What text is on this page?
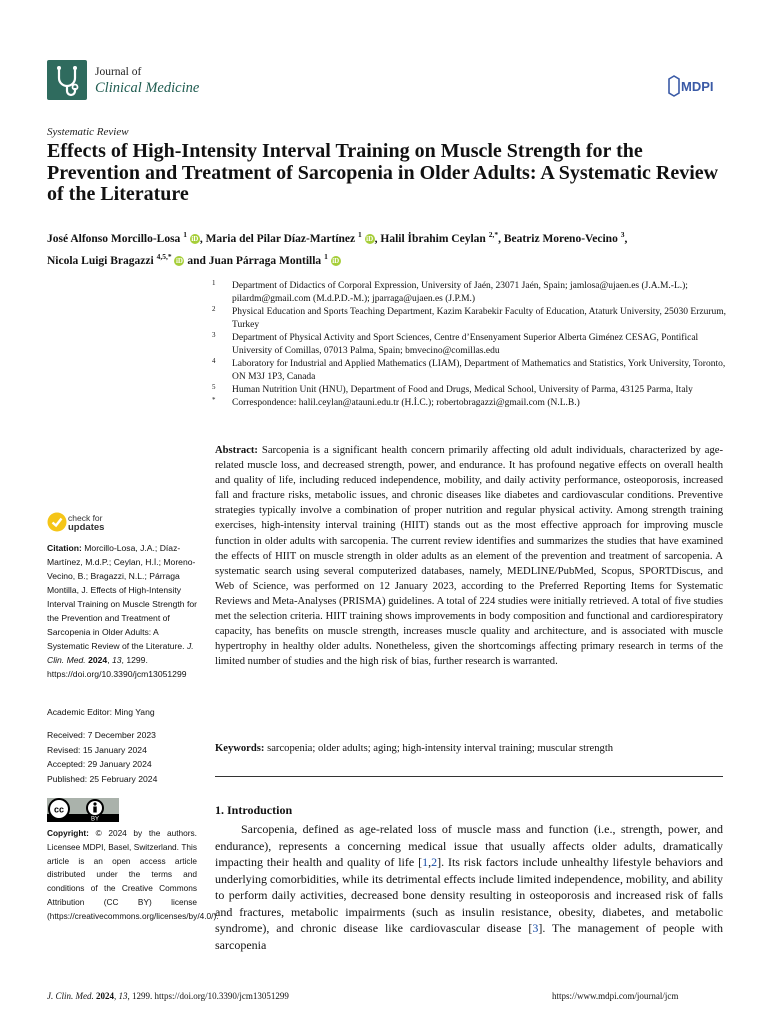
Journal of
Clinical Medicine	MDPI
Systematic Review
Effects of High-Intensity Interval Training on Muscle Strength for the Prevention and Treatment of Sarcopenia in Older Adults: A Systematic Review of the Literature
José Alfonso Morcillo-Losa $^1$ iD , Maria del Pilar Díaz-Martínez $^1$ iD , Halil İbrahim Ceylan $^{2,*}$, Beatriz Moreno-Vecino $^3$,
Nicola Luigi Bragazzi $^{4,5,*}$ iD and Juan Párraga Montilla $^1$ iD
1 Department of Didactics of Corporal Expression, University of Jaén, 23071 Jaén, Spain; jamlosa@ujaen.es (J.A.M.-L.); pilardm@gmail.com (M.d.P.D.-M.); jparraga@ujaen.es (J.P.M.)
2 Physical Education and Sports Teaching Department, Kazim Karabekir Faculty of Education, Ataturk University, 25030 Erzurum, Turkey
3 Department of Physical Activity and Sport Sciences, Centre d’Ensenyament Superior Alberta Giménez CESAG, Pontifical University of Comillas, 07013 Palma, Spain; bmvecino@comillas.edu
4 Laboratory for Industrial and Applied Mathematics (LIAM), Department of Mathematics and Statistics, York University, Toronto, ON M3J 1P3, Canada
5 Human Nutrition Unit (HNU), Department of Food and Drugs, Medical School, University of Parma, 43125 Parma, Italy
* Correspondence: halil.ceylan@atauni.edu.tr (H.İ.C.); robertobragazzi@gmail.com (N.L.B.)
check for
updates
Citation: Morcillo-Losa, J.A.; Díaz-Martínez, M.d.P.; Ceylan, H.İ.; Moreno-Vecino, B.; Bragazzi, N.L.; Párraga Montilla, J. Effects of High-Intensity Interval Training on Muscle Strength for the Prevention and Treatment of Sarcopenia in Older Adults: A Systematic Review of the Literature. J. Clin. Med. 2024, 13, 1299. https://doi.org/10.3390/jcm13051299
Academic Editor: Ming Yang
Received: 7 December 2023
Revised: 15 January 2024
Accepted: 29 January 2024
Published: 25 February 2024
cc
BY
Copyright: © 2024 by the authors. Licensee MDPI, Basel, Switzerland. This article is an open access article distributed under the terms and conditions of the Creative Commons Attribution (CC BY) license (https://creativecommons.org/licenses/by/4.0/).
Abstract: Sarcopenia is a significant health concern primarily affecting old adult individuals, characterized by age-related muscle loss, and decreased strength, power, and endurance. It has profound negative effects on overall health and quality of life, including reduced independence, mobility, and daily activity performance, osteoporosis, increased fall and fracture risks, metabolic issues, and chronic diseases like diabetes and cardiovascular conditions. Preventive strategies typically involve a combination of proper nutrition and regular physical activity. Among strength training exercises, high-intensity interval training (HIIT) stands out as the most effective approach for improving muscle function in older adults with sarcopenia. The current review identifies and summarizes the studies that have examined the effects of HIIT on muscle strength in older adults as an element of the prevention and treatment of sarcopenia. A systematic search using several computerized databases, namely, MEDLINE/PubMed, Scopus, SPORTDiscus, and Web of Science, was performed on 12 January 2023, according to the Preferred Reporting Items for Systematic Reviews and Meta-Analyses (PRISMA) guidelines. A total of 224 studies were initially retrieved. A total of five studies met the selection criteria. HIIT training shows improvements in body composition and functional and cardiorespiratory capacity, has benefits on muscle strength, increases muscle quality and architecture, and is associated with muscle hypertrophy in healthy older adults. Nonetheless, given the shortcomings affecting primary research in terms of the limited number of studies and the high risk of bias, further research is warranted.
Keywords: sarcopenia; older adults; aging; high-intensity interval training; muscular strength
1. Introduction
Sarcopenia, defined as age-related loss of muscle mass and function (i.e., strength, power, and endurance), represents a concerning medical issue that usually affects older adults, dramatically impacting their health and quality of life [1,2]. Its risk factors include unhealthy lifestyle behaviors and underlying comorbidities, while its detrimental effects include limited independence, mobility, and ability to perform daily activities, decreased bone density resulting in osteoporosis and increased risk of falls and fractures, metabolic impairments (such as insulin resistance, obesity, diabetes, and metabolic syndrome), and chronic disease like cardiovascular disease [3]. The management of people with sarcopenia
J. Clin. Med. 2024, 13, 1299. https://doi.org/10.3390/jcm13051299	https://www.mdpi.com/journal/jcm
